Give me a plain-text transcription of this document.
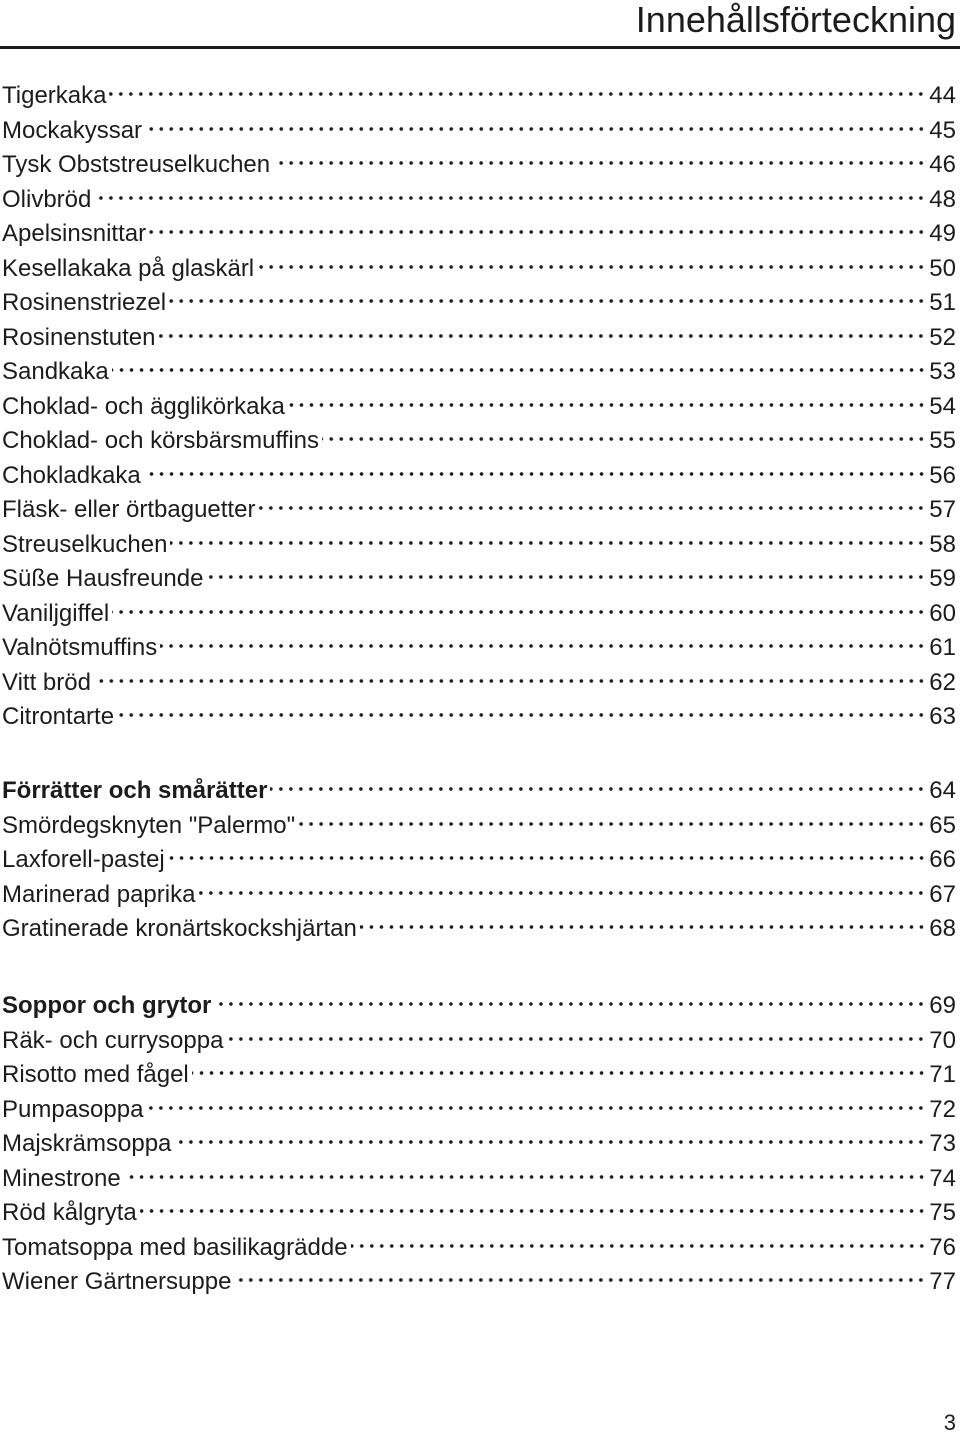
Innehållsförteckning
Tigerkaka	44
Mockakyssar	45
Tysk Obststreuselkuchen	46
Olivbröd	48
Apelsinsnittar	49
Kesellakaka på glaskärl	50
Rosinenstriezel	51
Rosinenstuten	52
Sandkaka	53
Choklad- och ägglikörkaka	54
Choklad- och körsbärsmuffins	55
Chokladkaka	56
Fläsk- eller örtbaguetter	57
Streuselkuchen	58
Süße Hausfreunde	59
Vaniljgiffel	60
Valnötsmuffins	61
Vitt bröd	62
Citrontarte	63
Förrätter och smårätter	64
Smördegsknyten "Palermo"	65
Laxforell-pastej	66
Marinerad paprika	67
Gratinerade kronärtskockshjärtan	68
Soppor och grytor	69
Räk- och currysoppa	70
Risotto med fågel	71
Pumpasoppa	72
Majskrämsoppa	73
Minestrone	74
Röd kålgryta	75
Tomatsoppa med basilikagrädde	76
Wiener Gärtnersuppe	77
3
